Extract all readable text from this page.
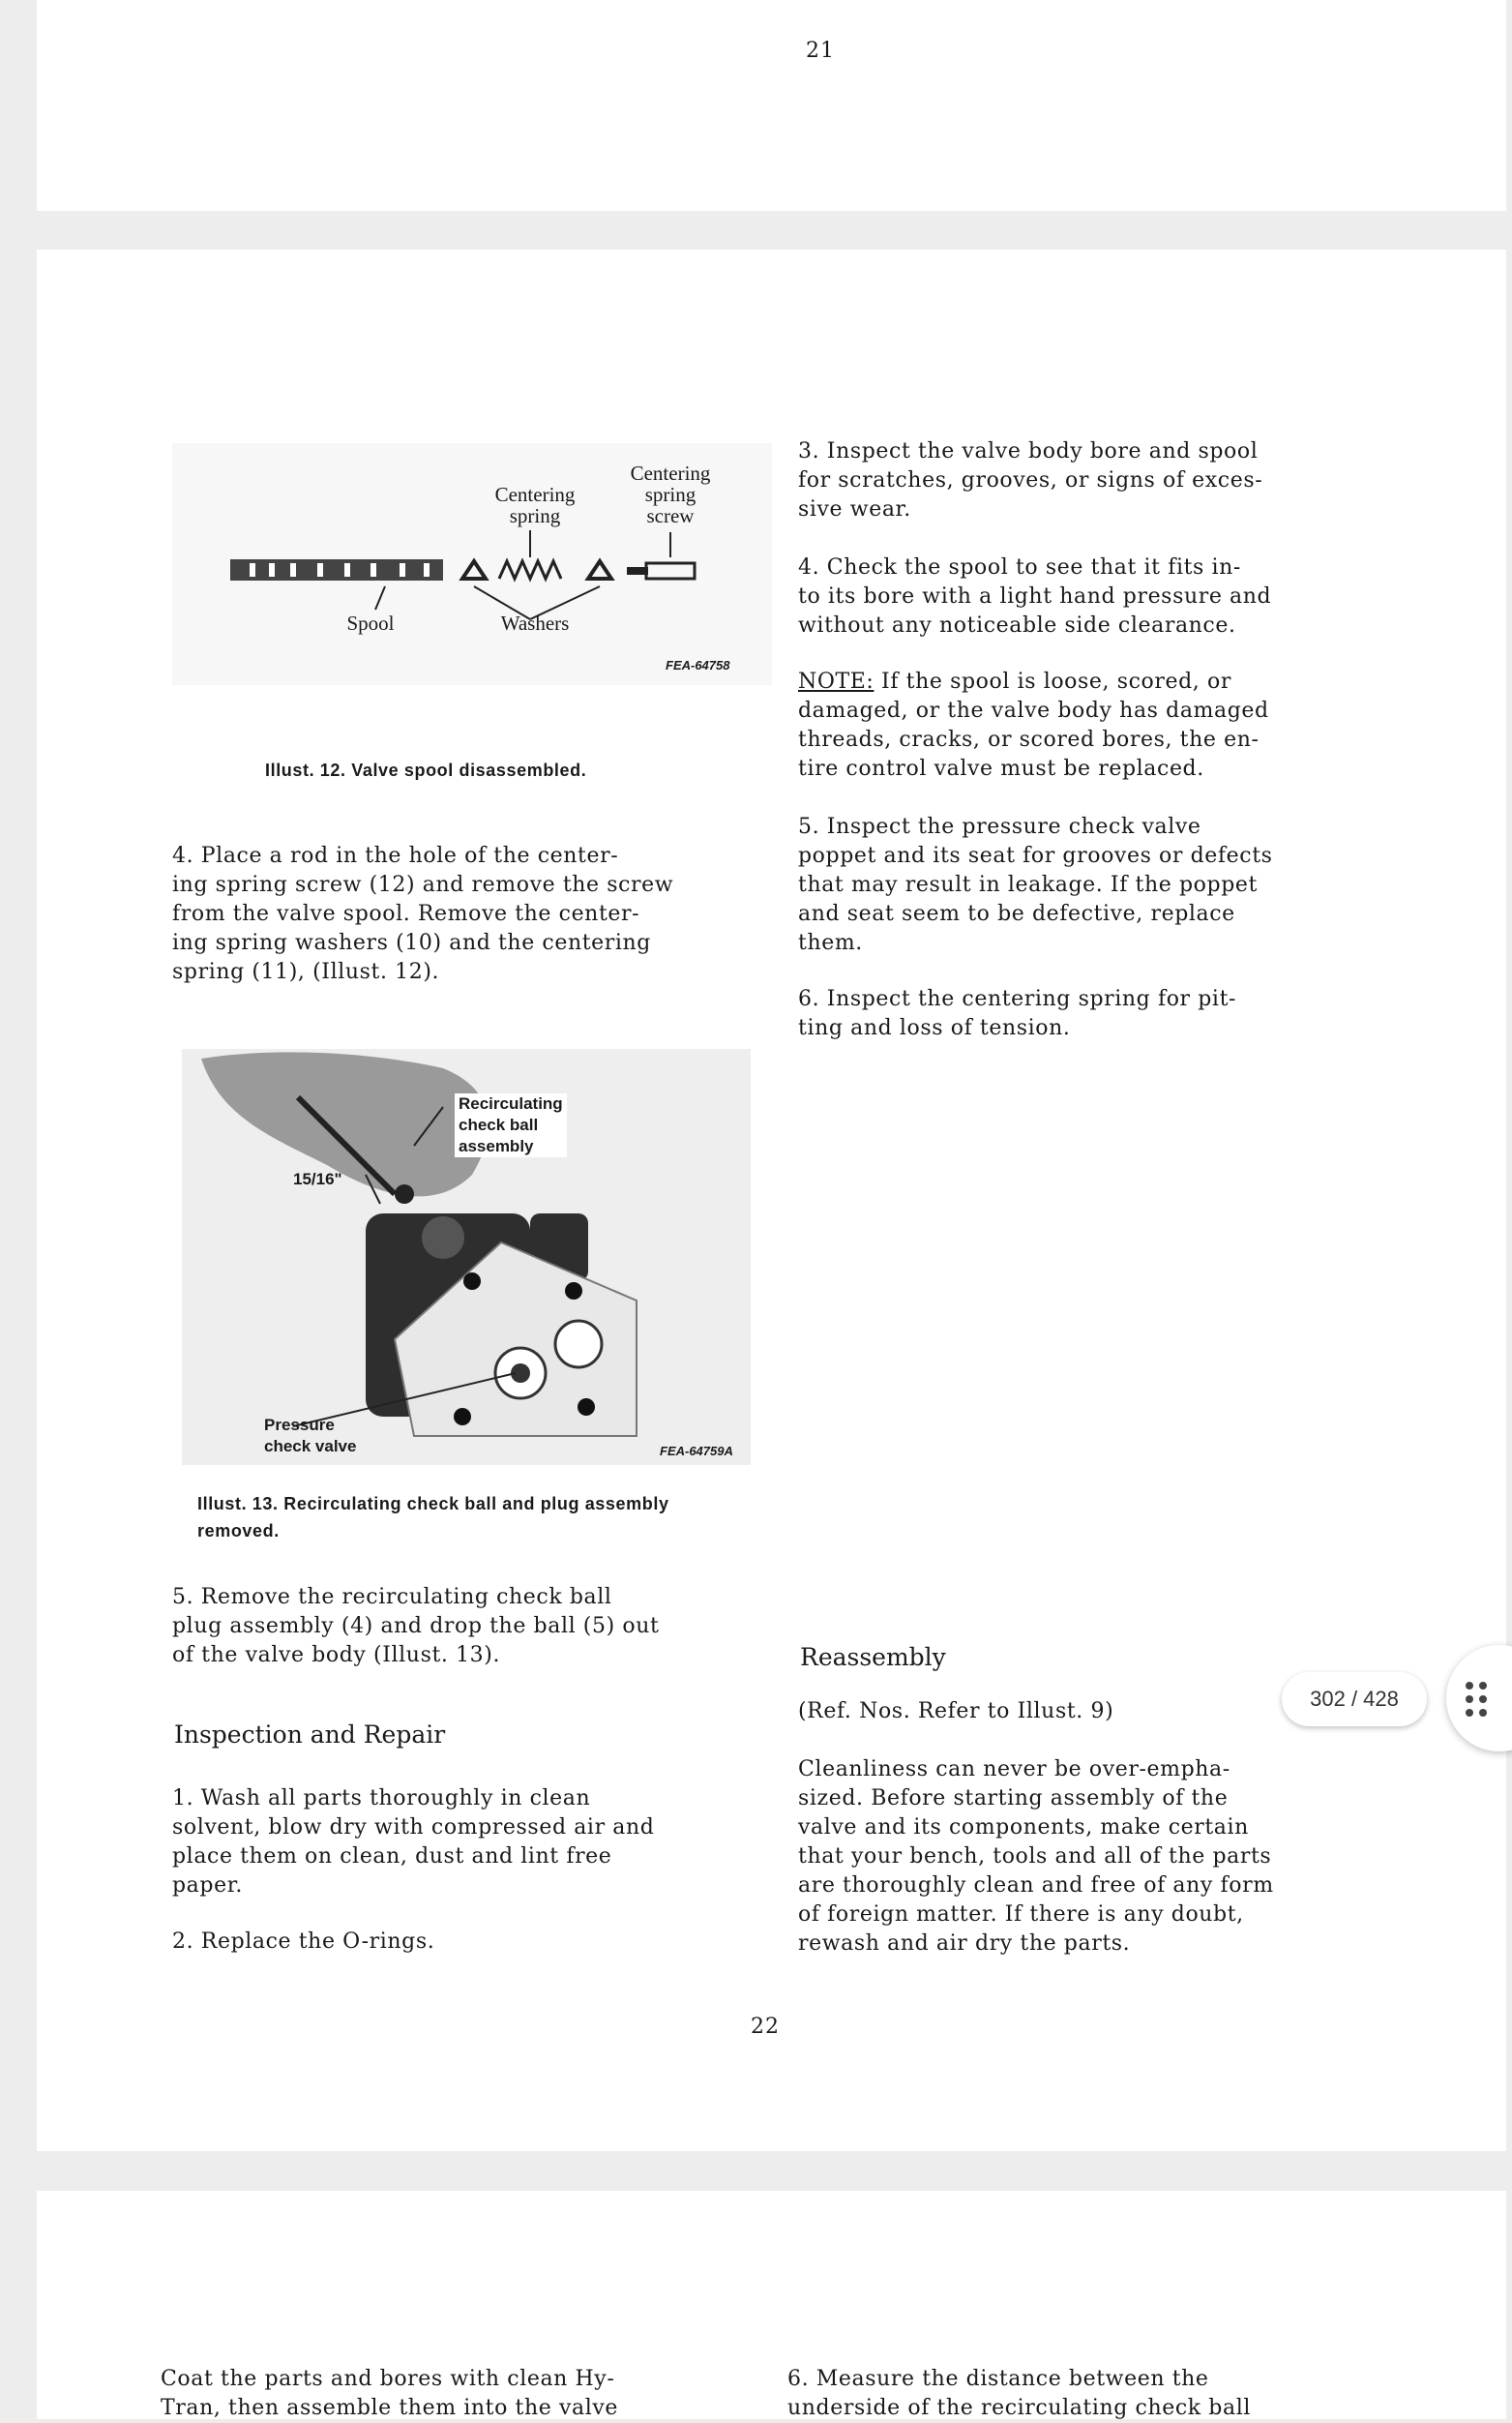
21
Centering
spring
Centering
spring
screw
Spool	Washers
FEA-64758
Illust. 12. Valve spool disassembled.
4. Place a rod in the hole of the center-
ing spring screw (12) and remove the screw
from the valve spool. Remove the center-
ing spring washers (10) and the centering
spring (11), (Illust. 12).
Recirculating
check ball
assembly
15/16"
Pressure
check valve	FEA-64759A
Illust. 13. Recirculating check ball and plug assembly
removed.
5. Remove the recirculating check ball
plug assembly (4) and drop the ball (5) out
of the valve body (Illust. 13).
Inspection and Repair
1. Wash all parts thoroughly in clean
solvent, blow dry with compressed air and
place them on clean, dust and lint free
paper.
2. Replace the O-rings.
3. Inspect the valve body bore and spool
for scratches, grooves, or signs of exces-
sive wear.
4. Check the spool to see that it fits in-
to its bore with a light hand pressure and
without any noticeable side clearance.
NOTE: If the spool is loose, scored, or
damaged, or the valve body has damaged
threads, cracks, or scored bores, the en-
tire control valve must be replaced.
5. Inspect the pressure check valve
poppet and its seat for grooves or defects
that may result in leakage. If the poppet
and seat seem to be defective, replace
them.
6. Inspect the centering spring for pit-
ting and loss of tension.
Reassembly
(Ref. Nos. Refer to Illust. 9)
Cleanliness can never be over-empha-
sized. Before starting assembly of the
valve and its components, make certain
that your bench, tools and all of the parts
are thoroughly clean and free of any form
of foreign matter. If there is any doubt,
rewash and air dry the parts.
22
Coat the parts and bores with clean Hy-
Tran, then assemble them into the valve
6. Measure the distance between the
underside of the recirculating check ball
302 / 428
